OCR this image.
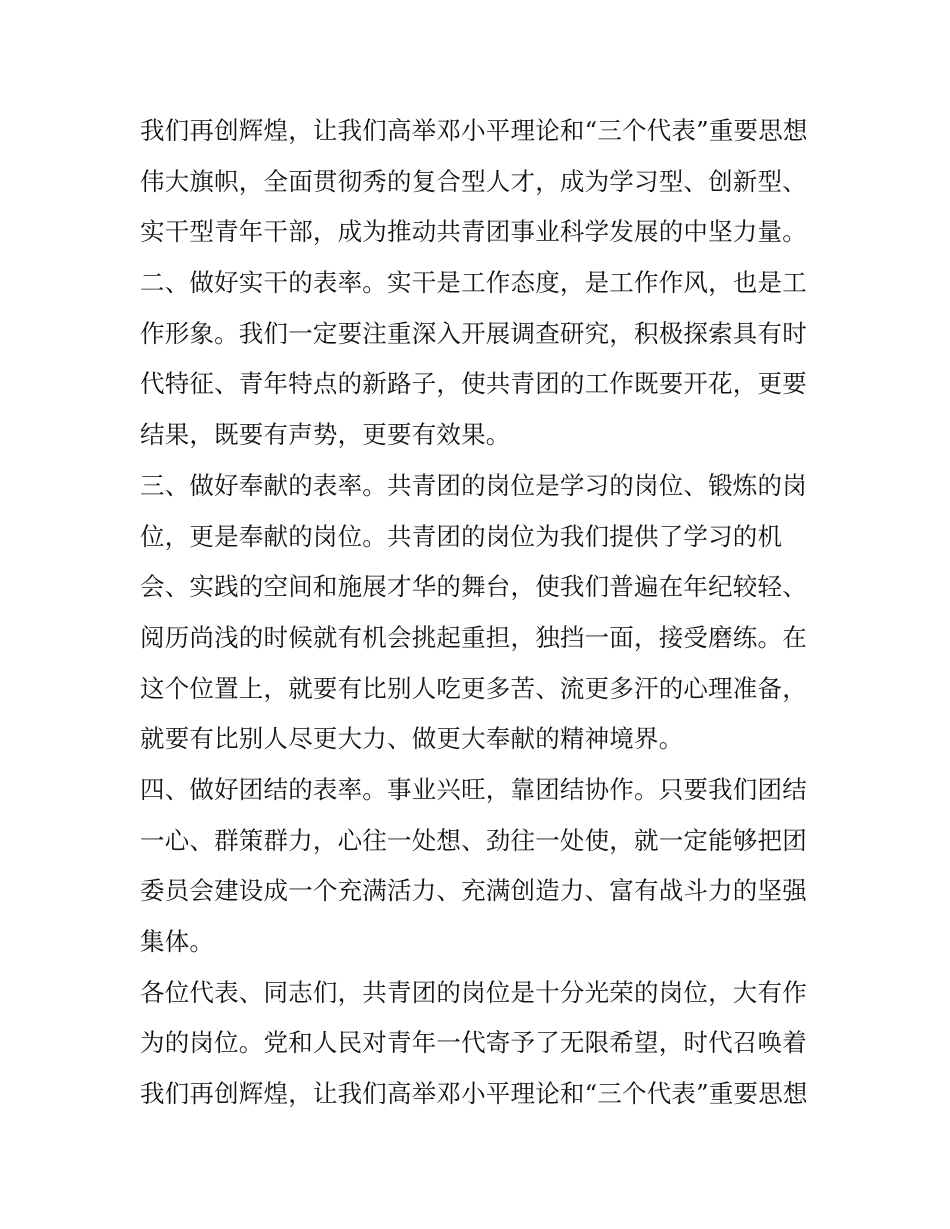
我们再创辉煌，让我们高举邓小平理论和“三个代表”重要思想
伟大旗帜，全面贯彻秀的复合型人才，成为学习型、创新型、
实干型青年干部，成为推动共青团事业科学发展的中坚力量。
二、做好实干的表率。实干是工作态度，是工作作风，也是工
作形象。我们一定要注重深入开展调查研究，积极探索具有时
代特征、青年特点的新路子，使共青团的工作既要开花，更要
结果，既要有声势，更要有效果。
三、做好奉献的表率。共青团的岗位是学习的岗位、锻炼的岗
位，更是奉献的岗位。共青团的岗位为我们提供了学习的机
会、实践的空间和施展才华的舞台，使我们普遍在年纪较轻、
阅历尚浅的时候就有机会挑起重担，独挡一面，接受磨练。在
这个位置上，就要有比别人吃更多苦、流更多汗的心理准备，
就要有比别人尽更大力、做更大奉献的精神境界。
四、做好团结的表率。事业兴旺，靠团结协作。只要我们团结
一心、群策群力，心往一处想、劲往一处使，就一定能够把团
委员会建设成一个充满活力、充满创造力、富有战斗力的坚强
集体。
各位代表、同志们，共青团的岗位是十分光荣的岗位，大有作
为的岗位。党和人民对青年一代寄予了无限希望，时代召唤着
我们再创辉煌，让我们高举邓小平理论和“三个代表”重要思想
